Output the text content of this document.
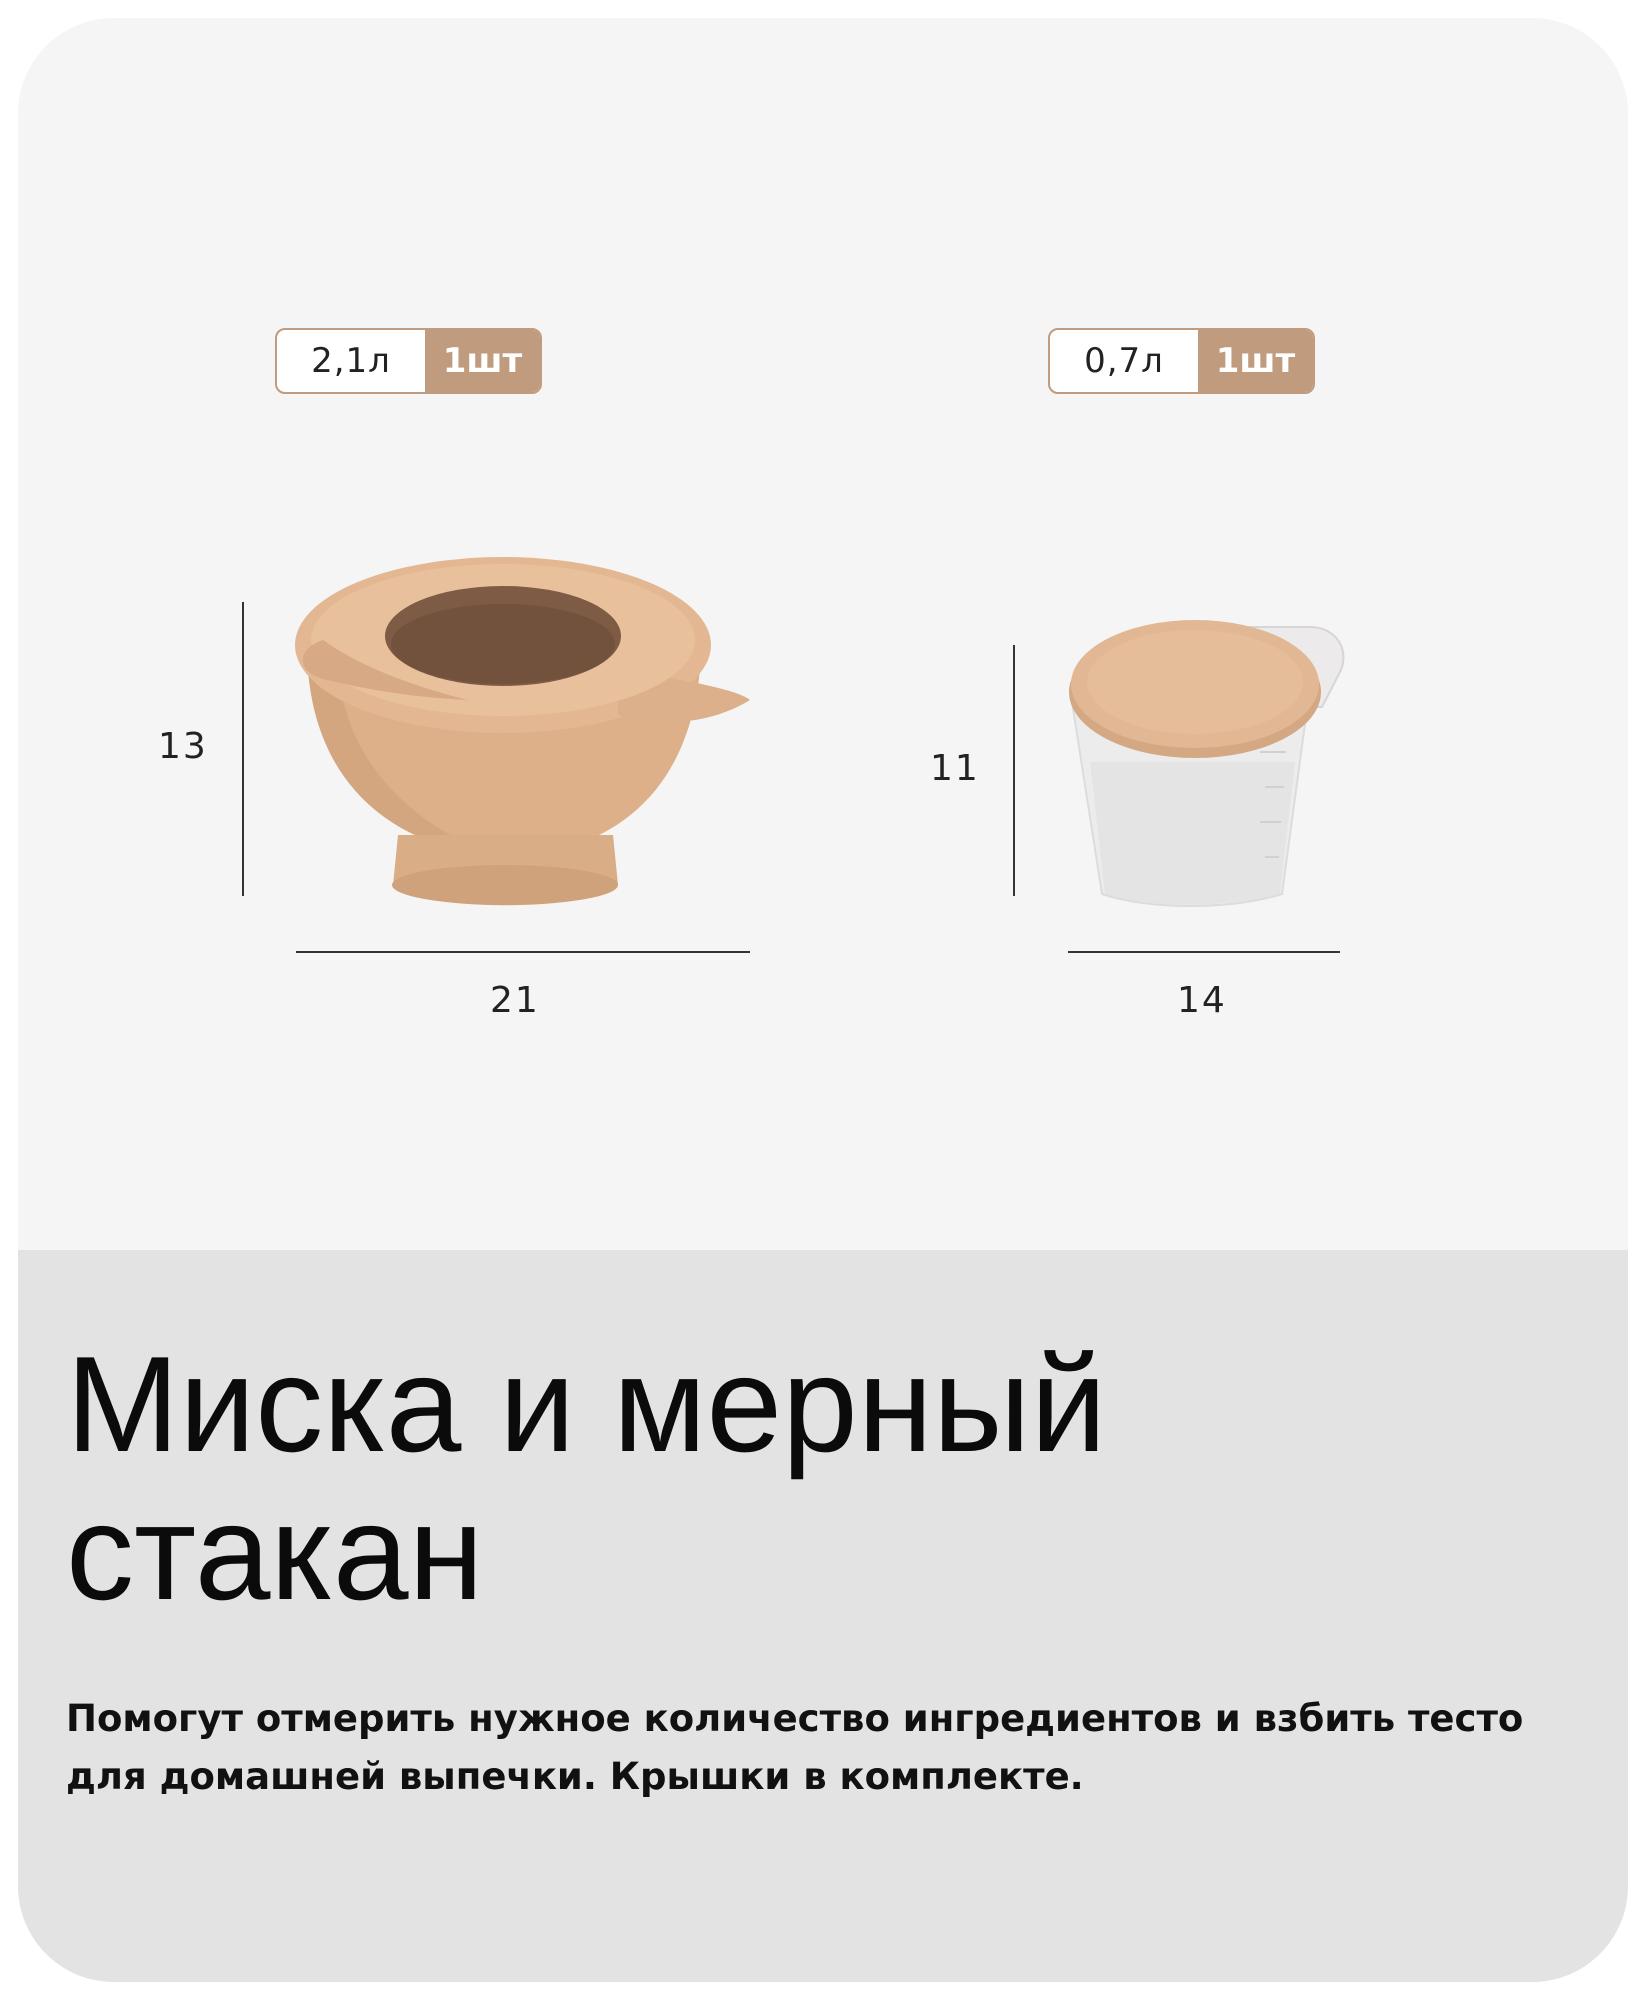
2,1л	1шт	0,7л	1шт
13
21
11
14
Миска и мерный
стакан

Помогут отмерить нужное количество ингредиентов и взбить тесто
для домашней выпечки. Крышки в комплекте.
